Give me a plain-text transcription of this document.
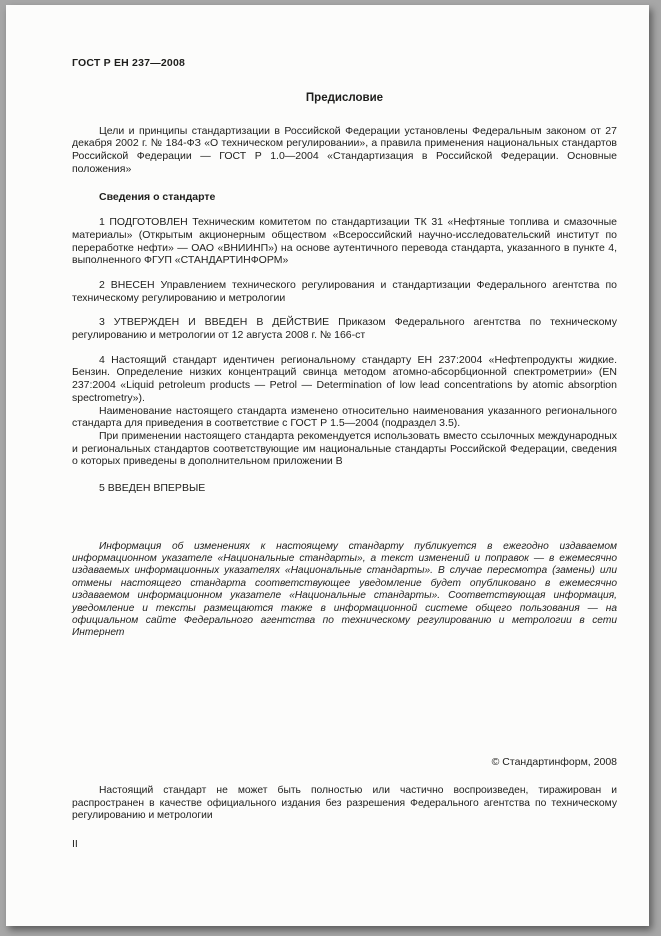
ГОСТ Р ЕН 237—2008
Предисловие

Цели и принципы стандартизации в Российской Федерации установлены Федеральным законом от 27 декабря 2002 г. № 184-ФЗ «О техническом регулировании», а правила применения национальных стандартов Российской Федерации — ГОСТ Р 1.0—2004 «Стандартизация в Российской Федерации. Основные положения»

Сведения о стандарте

1 ПОДГОТОВЛЕН Техническим комитетом по стандартизации ТК 31 «Нефтяные топлива и смазочные материалы» (Открытым акционерным обществом «Всероссийский научно-исследовательский институт по переработке нефти» — ОАО «ВНИИНП») на основе аутентичного перевода стандарта, указанного в пункте 4, выполненного ФГУП «СТАНДАРТИНФОРМ»

2 ВНЕСЕН Управлением технического регулирования и стандартизации Федерального агентства по техническому регулированию и метрологии

3 УТВЕРЖДЕН И ВВЕДЕН В ДЕЙСТВИЕ Приказом Федерального агентства по техническому регулированию и метрологии от 12 августа 2008 г. № 166-ст

4 Настоящий стандарт идентичен региональному стандарту ЕН 237:2004 «Нефтепродукты жидкие. Бензин. Определение низких концентраций свинца методом атомно-абсорбционной спектрометрии» (EN 237:2004 «Liquid petroleum products — Petrol — Determination of low lead concentrations by atomic absorption spectrometry»).

Наименование настоящего стандарта изменено относительно наименования указанного регионального стандарта для приведения в соответствие с ГОСТ Р 1.5—2004 (подраздел 3.5).

При применении настоящего стандарта рекомендуется использовать вместо ссылочных международных и региональных стандартов соответствующие им национальные стандарты Российской Федерации, сведения о которых приведены в дополнительном приложении В

5 ВВЕДЕН ВПЕРВЫЕ

Информация об изменениях к настоящему стандарту публикуется в ежегодно издаваемом информационном указателе «Национальные стандарты», а текст изменений и поправок — в ежемесячно издаваемых информационных указателях «Национальные стандарты». В случае пересмотра (замены) или отмены настоящего стандарта соответствующее уведомление будет опубликовано в ежемесячно издаваемом информационном указателе «Национальные стандарты». Соответствующая информация, уведомление и тексты размещаются также в информационной системе общего пользования — на официальном сайте Федерального агентства по техническому регулированию и метрологии в сети Интернет

© Стандартинформ, 2008

Настоящий стандарт не может быть полностью или частично воспроизведен, тиражирован и распространен в качестве официального издания без разрешения Федерального агентства по техническому регулированию и метрологии

II
